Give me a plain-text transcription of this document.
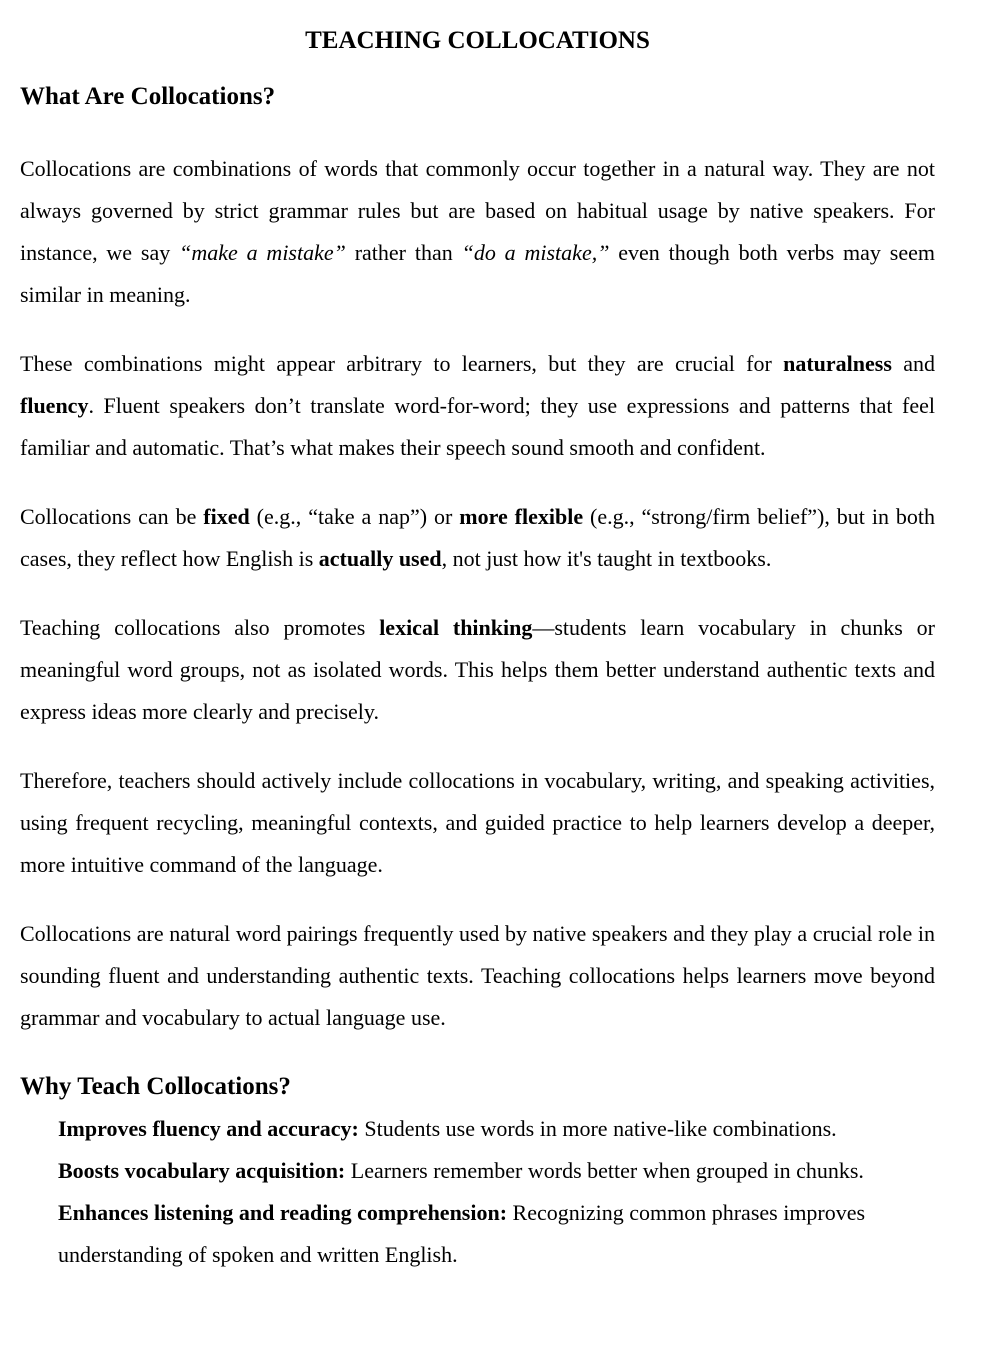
TEACHING COLLOCATIONS
What Are Collocations?

Collocations are combinations of words that commonly occur together in a natural way. They are not always governed by strict grammar rules but are based on habitual usage by native speakers. For instance, we say “make a mistake” rather than “do a mistake,” even though both verbs may seem similar in meaning.

These combinations might appear arbitrary to learners, but they are crucial for naturalness and fluency. Fluent speakers don’t translate word-for-word; they use expressions and patterns that feel familiar and automatic. That’s what makes their speech sound smooth and confident.

Collocations can be fixed (e.g., “take a nap”) or more flexible (e.g., “strong/firm belief”), but in both cases, they reflect how English is actually used, not just how it's taught in textbooks.

Teaching collocations also promotes lexical thinking—students learn vocabulary in chunks or meaningful word groups, not as isolated words. This helps them better understand authentic texts and express ideas more clearly and precisely.

Therefore, teachers should actively include collocations in vocabulary, writing, and speaking activities, using frequent recycling, meaningful contexts, and guided practice to help learners develop a deeper, more intuitive command of the language.

Collocations are natural word pairings frequently used by native speakers and they play a crucial role in sounding fluent and understanding authentic texts. Teaching collocations helps learners move beyond grammar and vocabulary to actual language use.

Why Teach Collocations?

Improves fluency and accuracy: Students use words in more native-like combinations.

Boosts vocabulary acquisition: Learners remember words better when grouped in chunks.

Enhances listening and reading comprehension: Recognizing common phrases improves understanding of spoken and written English.
